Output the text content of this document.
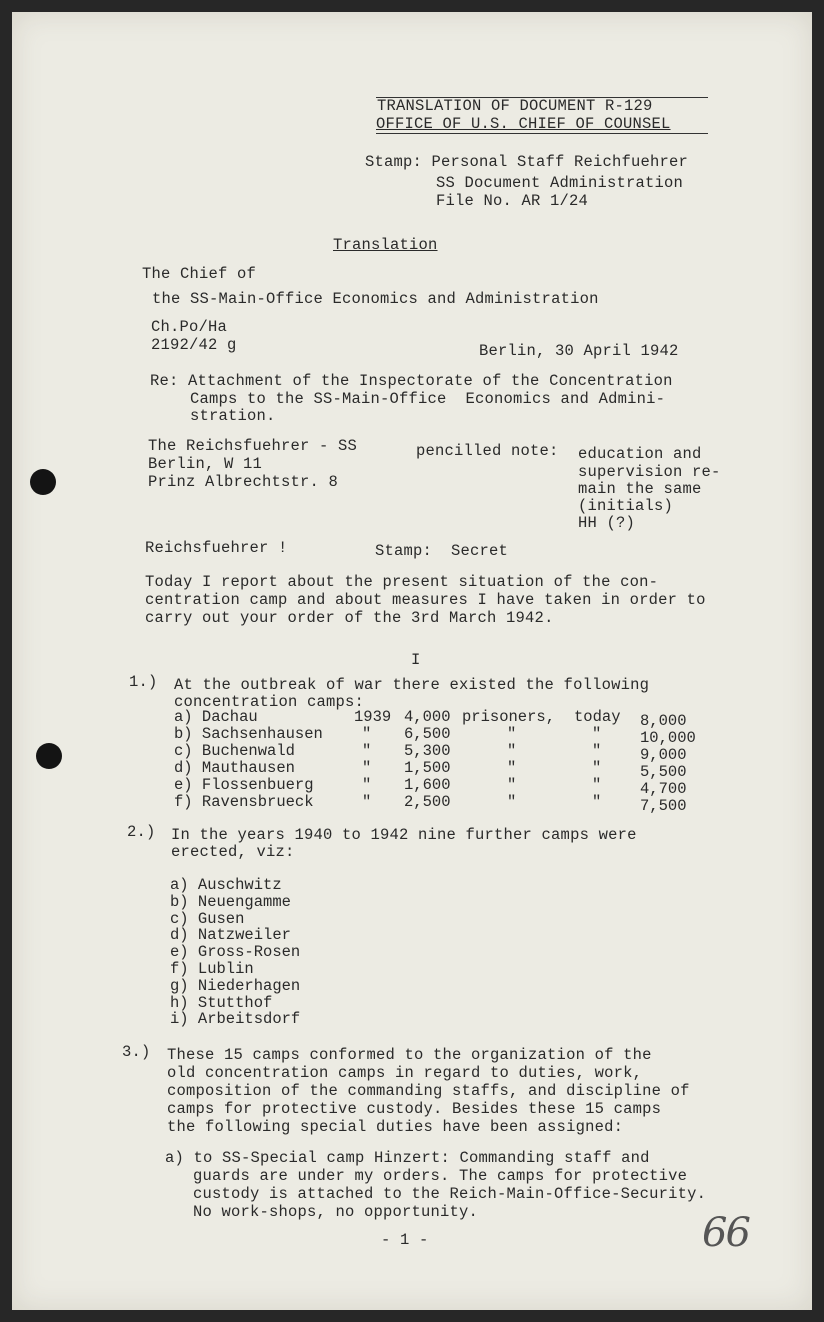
TRANSLATION OF DOCUMENT R-129
OFFICE OF U.S. CHIEF OF COUNSEL
Stamp: Personal Staff Reichfuehrer
SS Document Administration
File No. AR 1/24
Translation
The Chief of
the SS-Main-Office Economics and Administration
Ch.Po/Ha
2192/42 g	Berlin, 30 April 1942
Re: Attachment of the Inspectorate of the Concentration
Camps to the SS-Main-Office  Economics and Admini-
stration.
The Reichsfuehrer - SS
Berlin, W 11
Prinz Albrechtstr. 8
pencilled note: education and
supervision re-
main the same
(initials)
HH (?)
Reichsfuehrer !	Stamp:  Secret
Today I report about the present situation of the con-
centration camp and about measures I have taken in order to
carry out your order of the 3rd March 1942.
I
1.) At the outbreak of war there existed the following
concentration camps:
a) Dachau	1939 4,000 prisoners, today 8,000
b) Sachsenhausen	" 6,500	"	" 10,000
c) Buchenwald	" 5,300	"	" 9,000
d) Mauthausen	" 1,500	"	" 5,500
e) Flossenbuerg	" 1,600	"	" 4,700
f) Ravensbrueck	" 2,500	"	" 7,500
2.) In the years 1940 to 1942 nine further camps were
erected, viz:
a) Auschwitz
b) Neuengamme
c) Gusen
d) Natzweiler
e) Gross-Rosen
f) Lublin
g) Niederhagen
h) Stutthof
i) Arbeitsdorf
3.) These 15 camps conformed to the organization of the
old concentration camps in regard to duties, work,
composition of the commanding staffs, and discipline of
camps for protective custody. Besides these 15 camps
the following special duties have been assigned:
a) to SS-Special camp Hinzert: Commanding staff and
guards are under my orders. The camps for protective
custody is attached to the Reich-Main-Office-Security.
No work-shops, no opportunity.
- 1 -	66
